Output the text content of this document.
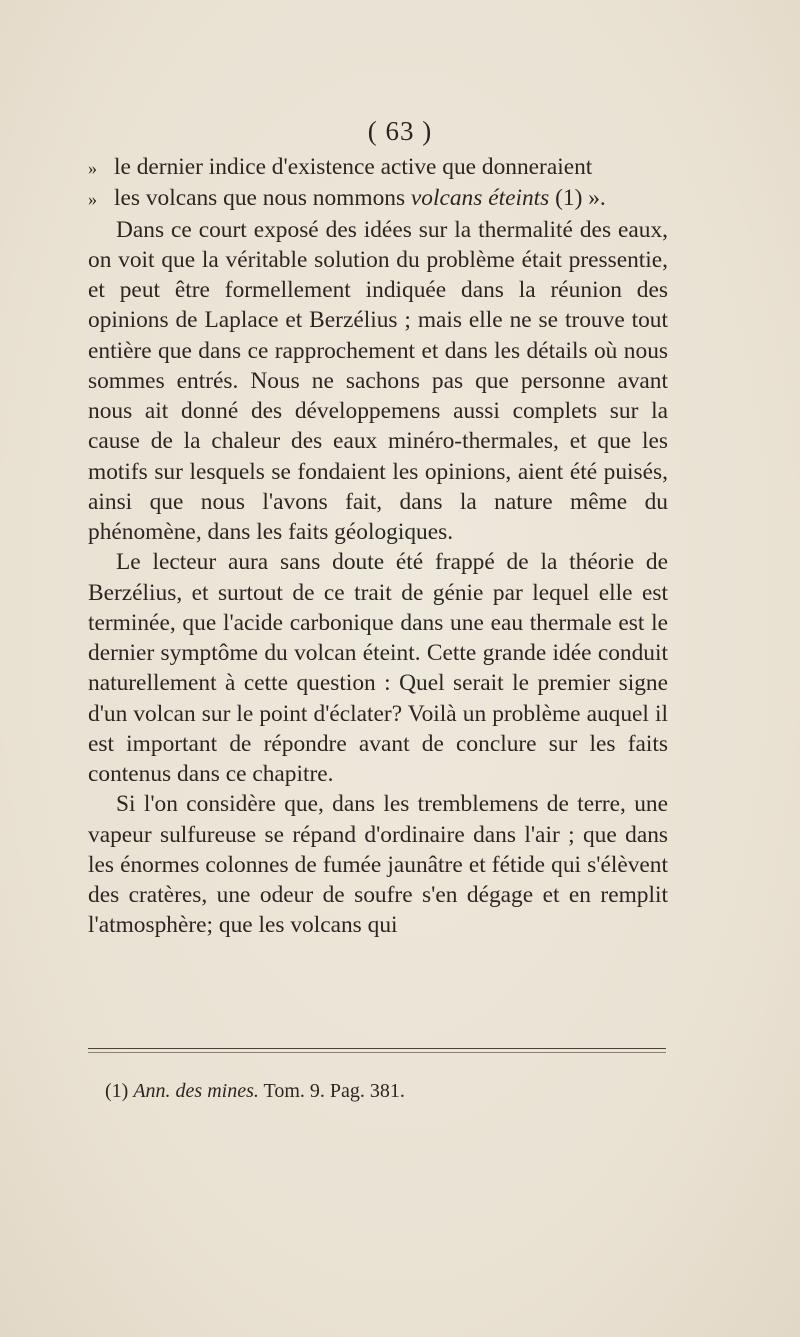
( 63 )
» le dernier indice d'existence active que donneraient
» les volcans que nous nommons volcans éteints (1) ».

Dans ce court exposé des idées sur la thermalité des eaux, on voit que la véritable solution du problème était pressentie, et peut être formellement indiquée dans la réunion des opinions de Laplace et Berzélius ; mais elle ne se trouve tout entière que dans ce rapprochement et dans les détails où nous sommes entrés. Nous ne sachons pas que personne avant nous ait donné des développemens aussi complets sur la cause de la chaleur des eaux minéro-thermales, et que les motifs sur lesquels se fondaient les opinions, aient été puisés, ainsi que nous l'avons fait, dans la nature même du phénomène, dans les faits géologiques.

Le lecteur aura sans doute été frappé de la théorie de Berzélius, et surtout de ce trait de génie par lequel elle est terminée, que l'acide carbonique dans une eau thermale est le dernier symptôme du volcan éteint. Cette grande idée conduit naturellement à cette question : Quel serait le premier signe d'un volcan sur le point d'éclater? Voilà un problème auquel il est important de répondre avant de conclure sur les faits contenus dans ce chapitre.

Si l'on considère que, dans les tremblemens de terre, une vapeur sulfureuse se répand d'ordinaire dans l'air ; que dans les énormes colonnes de fumée jaunâtre et fétide qui s'élèvent des cratères, une odeur de soufre s'en dégage et en remplit l'atmosphère; que les volcans qui

(1) Ann. des mines. Tom. 9. Pag. 381.
